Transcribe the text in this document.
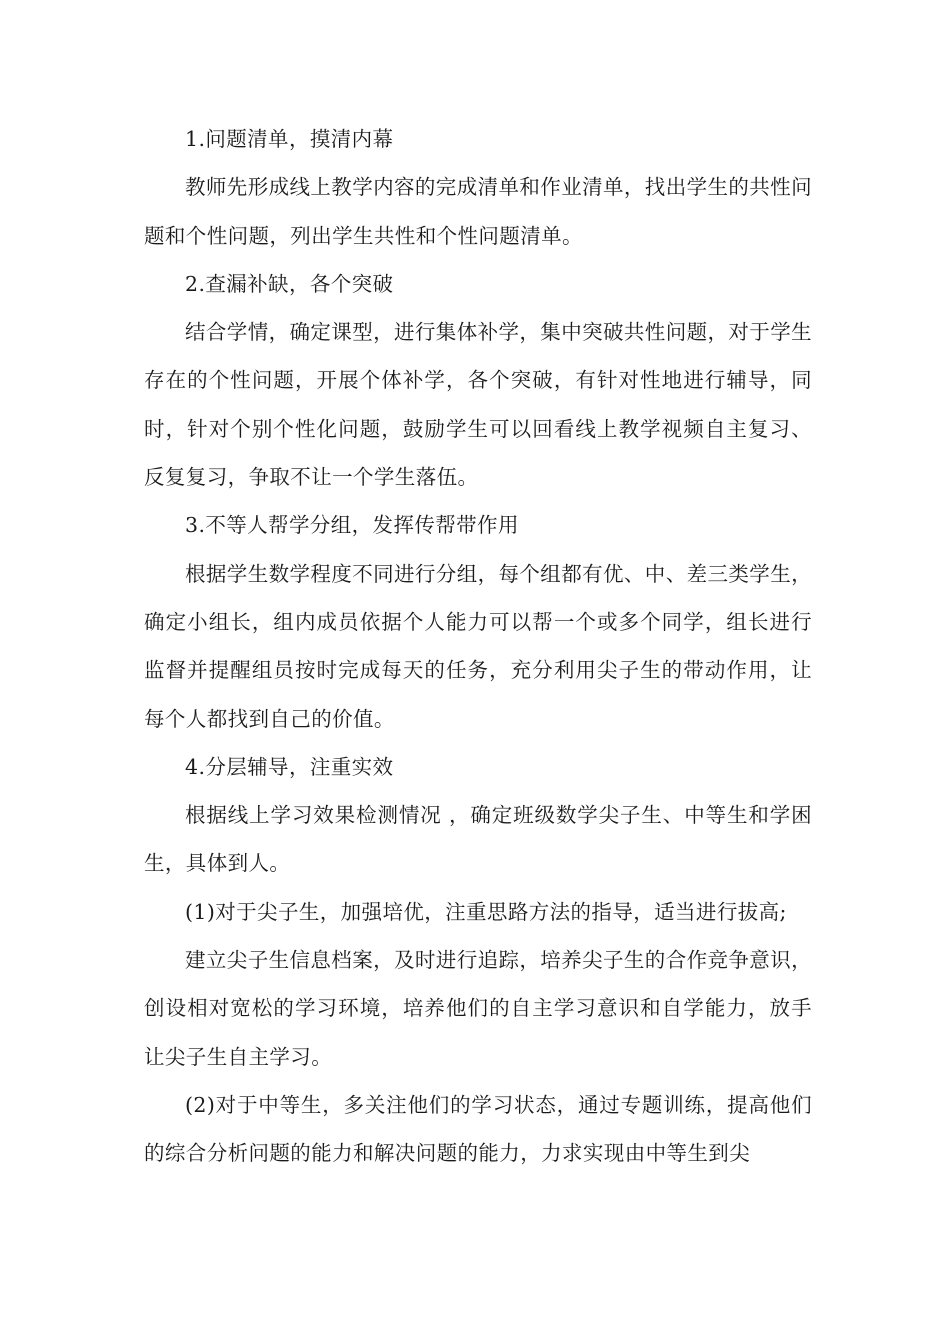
1.问题清单，摸清内幕

教师先形成线上教学内容的完成清单和作业清单，找出学生的共性问题和个性问题，列出学生共性和个性问题清单。

2.查漏补缺，各个突破

结合学情，确定课型，进行集体补学，集中突破共性问题，对于学生存在的个性问题，开展个体补学，各个突破，有针对性地进行辅导，同时，针对个别个性化问题，鼓励学生可以回看线上教学视频自主复习、反复复习，争取不让一个学生落伍。

3.不等人帮学分组，发挥传帮带作用

根据学生数学程度不同进行分组，每个组都有优、中、差三类学生，确定小组长，组内成员依据个人能力可以帮一个或多个同学，组长进行监督并提醒组员按时完成每天的任务，充分利用尖子生的带动作用，让每个人都找到自己的价值。

4.分层辅导，注重实效

根据线上学习效果检测情况 ，确定班级数学尖子生、中等生和学困生，具体到人。

(1)对于尖子生，加强培优，注重思路方法的指导，适当进行拔高;

建立尖子生信息档案，及时进行追踪，培养尖子生的合作竞争意识，创设相对宽松的学习环境，培养他们的自主学习意识和自学能力，放手让尖子生自主学习。

(2)对于中等生，多关注他们的学习状态，通过专题训练，提高他们的综合分析问题的能力和解决问题的能力，力求实现由中等生到尖
